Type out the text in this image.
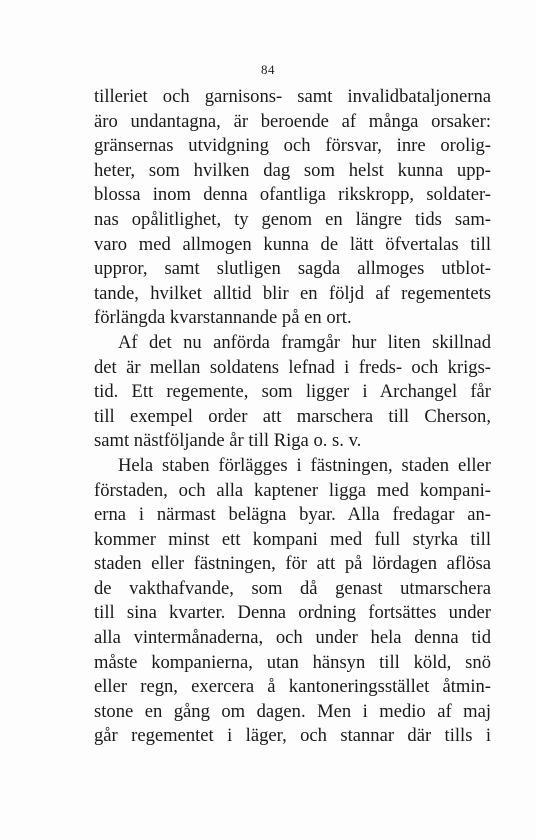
84
tilleriet och garnisons- samt invalidbataljonerna
äro undantagna, är beroende af många orsaker:
gränsernas utvidgning och försvar, inre orolig-
heter, som hvilken dag som helst kunna upp-
blossa inom denna ofantliga rikskropp, soldater-
nas opålitlighet, ty genom en längre tids sam-
varo med allmogen kunna de lätt öfvertalas till
uppror, samt slutligen sagda allmoges utblot-
tande, hvilket alltid blir en följd af regementets
förlängda kvarstannande på en ort.
Af det nu anförda framgår hur liten skillnad
det är mellan soldatens lefnad i freds- och krigs-
tid. Ett regemente, som ligger i Archangel får
till exempel order att marschera till Cherson,
samt nästföljande år till Riga o. s. v.
Hela staben förlägges i fästningen, staden eller
förstaden, och alla kaptener ligga med kompani-
erna i närmast belägna byar. Alla fredagar an-
kommer minst ett kompani med full styrka till
staden eller fästningen, för att på lördagen aflösa
de vakthafvande, som då genast utmarschera
till sina kvarter. Denna ordning fortsättes under
alla vintermånaderna, och under hela denna tid
måste kompanierna, utan hänsyn till köld, snö
eller regn, exercera å kantoneringsstället åtmin-
stone en gång om dagen. Men i medio af maj
går regementet i läger, och stannar där tills i
